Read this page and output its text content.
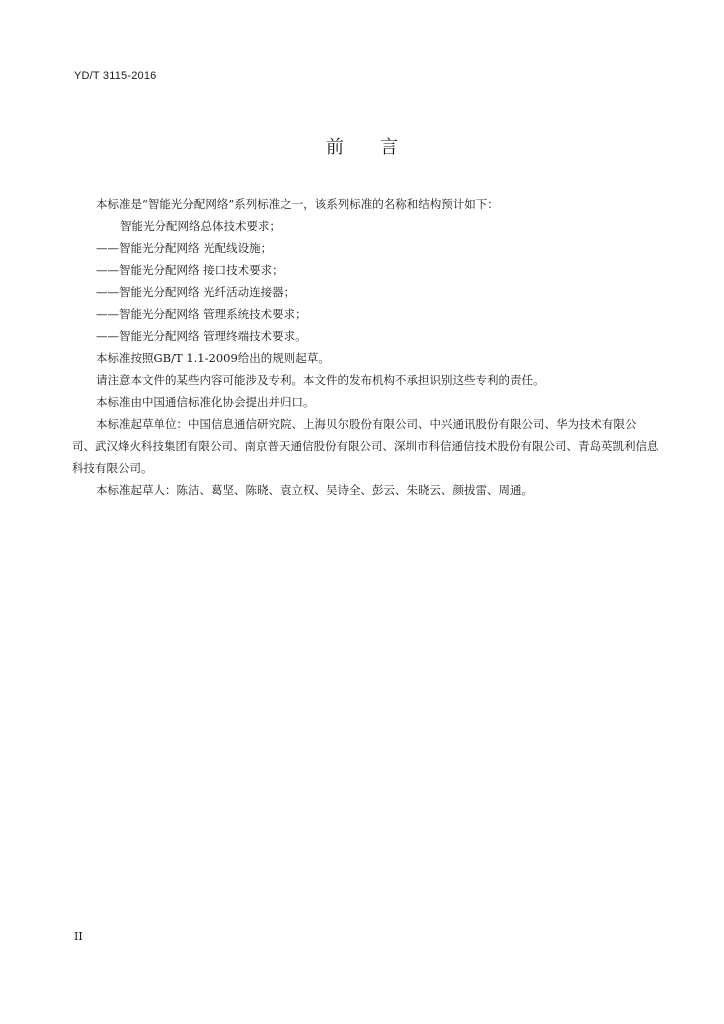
YD/T 3115-2016
前言

本标准是“智能光分配网络”系列标准之一，该系列标准的名称和结构预计如下：

智能光分配网络总体技术要求；

——智能光分配网络 光配线设施；

——智能光分配网络 接口技术要求；

——智能光分配网络 光纤活动连接器；

——智能光分配网络 管理系统技术要求；

——智能光分配网络 管理终端技术要求。

本标准按照GB/T 1.1-2009给出的规则起草。

请注意本文件的某些内容可能涉及专利。本文件的发布机构不承担识别这些专利的责任。

本标准由中国通信标准化协会提出并归口。

本标准起草单位：中国信息通信研究院、上海贝尔股份有限公司、中兴通讯股份有限公司、华为技术有限公司、武汉烽火科技集团有限公司、南京普天通信股份有限公司、深圳市科信通信技术股份有限公司、青岛英凯利信息科技有限公司。

本标准起草人：陈洁、葛坚、陈晓、袁立权、吴诗全、彭云、朱晓云、颜拔雷、周通。

II
